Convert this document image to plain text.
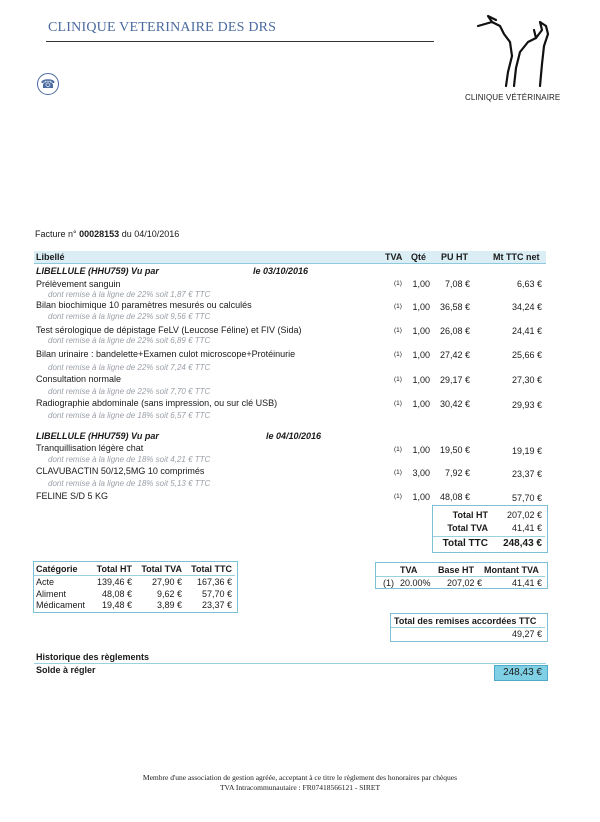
CLINIQUE VETERINAIRE DES DRS
☎
CLINIQUE VÉTÉRINAIRE
Facture n° 00028153 du 04/10/2016
Libellé	TVA Qté PU HT	Mt TTC net
LIBELLULE (HHU759) Vu par	le 03/10/2016
Prélèvement sanguin	(1)	1,00	7,08 €	6,63 €
dont remise à la ligne de 22% soit 1,87 € TTC
Bilan biochimique 10 paramètres mesurés ou calculés	(1)	1,00	36,58 €	34,24 €
dont remise à la ligne de 22% soit 9,56 € TTC
Test sérologique de dépistage FeLV (Leucose Féline) et FIV (Sida)	(1)	1,00	26,08 €	24,41 €
dont remise à la ligne de 22% soit 6,89 € TTC
Bilan urinaire : bandelette+Examen culot microscope+Protéinurie	(1)	1,00	27,42 €	25,66 €
dont remise à la ligne de 22% soit 7,24 € TTC
Consultation normale	(1)	1,00	29,17 €	27,30 €
dont remise à la ligne de 22% soit 7,70 € TTC
Radiographie abdominale (sans impression, ou sur clé USB)	(1)	1,00	30,42 €	29,93 €
dont remise à la ligne de 18% soit 6,57 € TTC
LIBELLULE (HHU759) Vu par	le 04/10/2016
Tranquillisation légère chat	(1)	1,00	19,50 €	19,19 €
dont remise à la ligne de 18% soit 4,21 € TTC
CLAVUBACTIN 50/12,5MG 10 comprimés	(1)	3,00	7,92 €	23,37 €
dont remise à la ligne de 18% soit 5,13 € TTC
FELINE S/D 5 KG	(1)	1,00	48,08 €	57,70 €
Total HT	207,02 €
Total TVA	41,41 €
Total TTC	248,43 €
Catégorie	Total HT	Total TVA	Total TTC
Acte	139,46 €	27,90 €	167,36 €
Aliment	48,08 €	9,62 €	57,70 €
Médicament	19,48 €	3,89 €	23,37 €
TVA Base HT Montant TVA
(1) 20.00%	207,02 €	41,41 €
Total des remises accordées TTC
49,27 €
Historique des règlements
Solde à régler	248,43 €
Membre d'une association de gestion agréée, acceptant à ce titre le règlement des honoraires par chèques
TVA Intracommunautaire : FR07418566121 - SIRET
